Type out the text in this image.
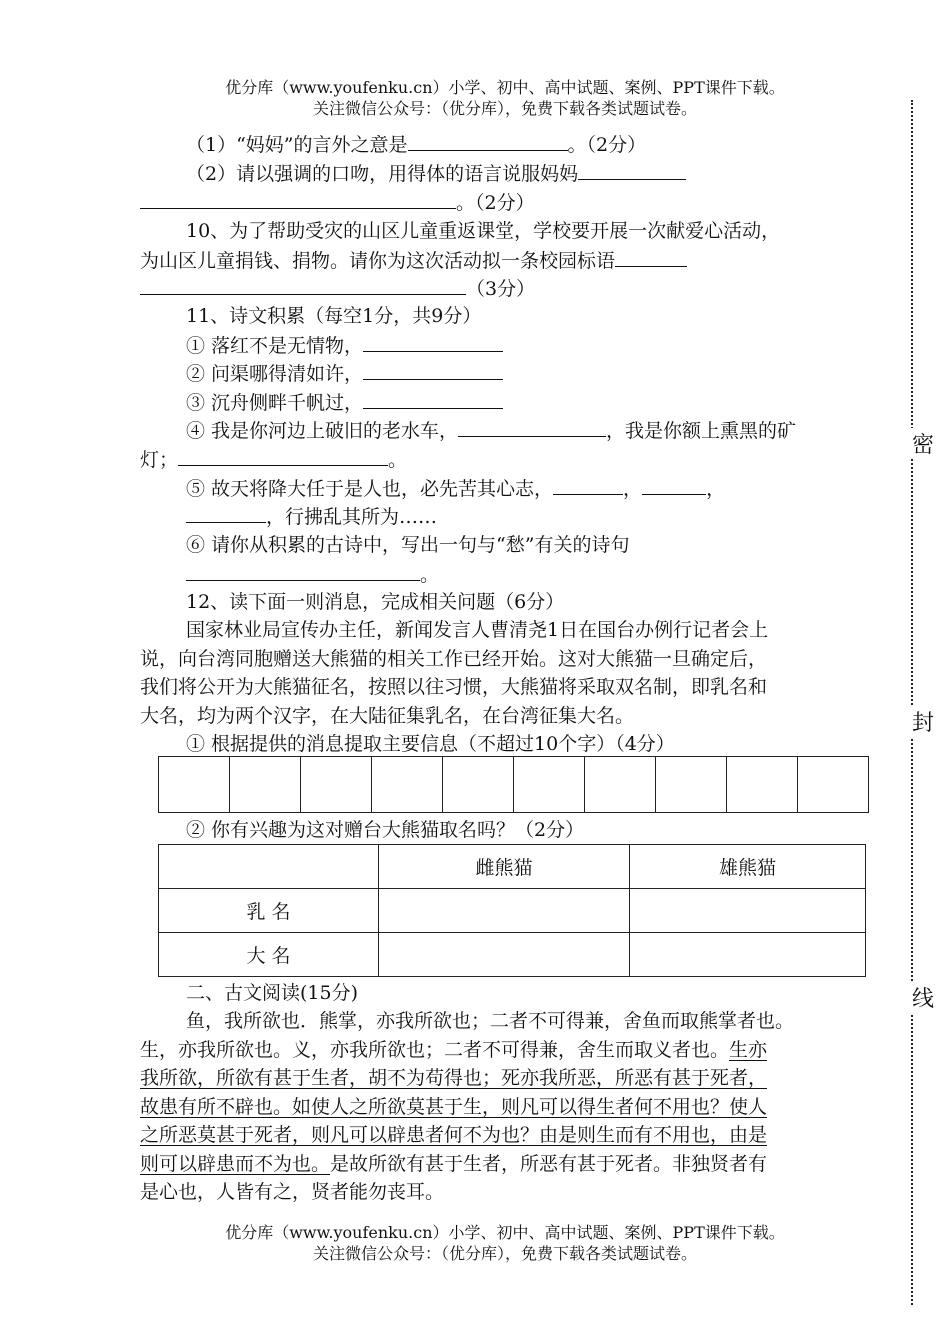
优分库（www.youfenku.cn）小学、初中、高中试题、案例、PPT课件下载。
关注微信公众号：（优分库），免费下载各类试题试卷。
（1）“妈妈”的言外之意是	。（2分）
（2）请以强调的口吻，用得体的语言说服妈妈
。（2分）
10、为了帮助受灾的山区儿童重返课堂，学校要开展一次献爱心活动，
为山区儿童捐钱、捐物。请你为这次活动拟一条校园标语
（3分）
11、诗文积累（每空1分，共9分）
① 落红不是无情物，
② 问渠哪得清如许，
③ 沉舟侧畔千帆过，
④ 我是你河边上破旧的老水车，	，我是你额上熏黑的矿
灯；	。
⑤ 故天将降大任于是人也，必先苦其心志，	，	，
，行拂乱其所为……
⑥ 请你从积累的古诗中，写出一句与“愁”有关的诗句
。
12、读下面一则消息，完成相关问题（6分）
国家林业局宣传办主任，新闻发言人曹清尧1日在国台办例行记者会上
说，向台湾同胞赠送大熊猫的相关工作已经开始。这对大熊猫一旦确定后，
我们将公开为大熊猫征名，按照以往习惯，大熊猫将采取双名制，即乳名和
大名，均为两个汉字，在大陆征集乳名，在台湾征集大名。
① 根据提供的消息提取主要信息（不超过10个字）（4分）

② 你有兴趣为这对赠台大熊猫取名吗？（2分）
	雌熊猫	雄熊猫
乳 名		
大 名		
二、古文阅读(15分)
鱼，我所欲也．熊掌，亦我所欲也；二者不可得兼，舍鱼而取熊掌者也。
生，亦我所欲也。义，亦我所欲也；二者不可得兼，舍生而取义者也。生亦
我所欲，所欲有甚于生者，胡不为苟得也；死亦我所恶，所恶有甚于死者，
故患有所不辟也。如使人之所欲莫甚于生，则凡可以得生者何不用也？使人
之所恶莫甚于死者，则凡可以辟患者何不为也？由是则生而有不用也，由是
则可以辟患而不为也。是故所欲有甚于生者，所恶有甚于死者。非独贤者有
是心也，人皆有之，贤者能勿丧耳。
优分库（www.youfenku.cn）小学、初中、高中试题、案例、PPT课件下载。
关注微信公众号：（优分库），免费下载各类试题试卷。
密
封
线
